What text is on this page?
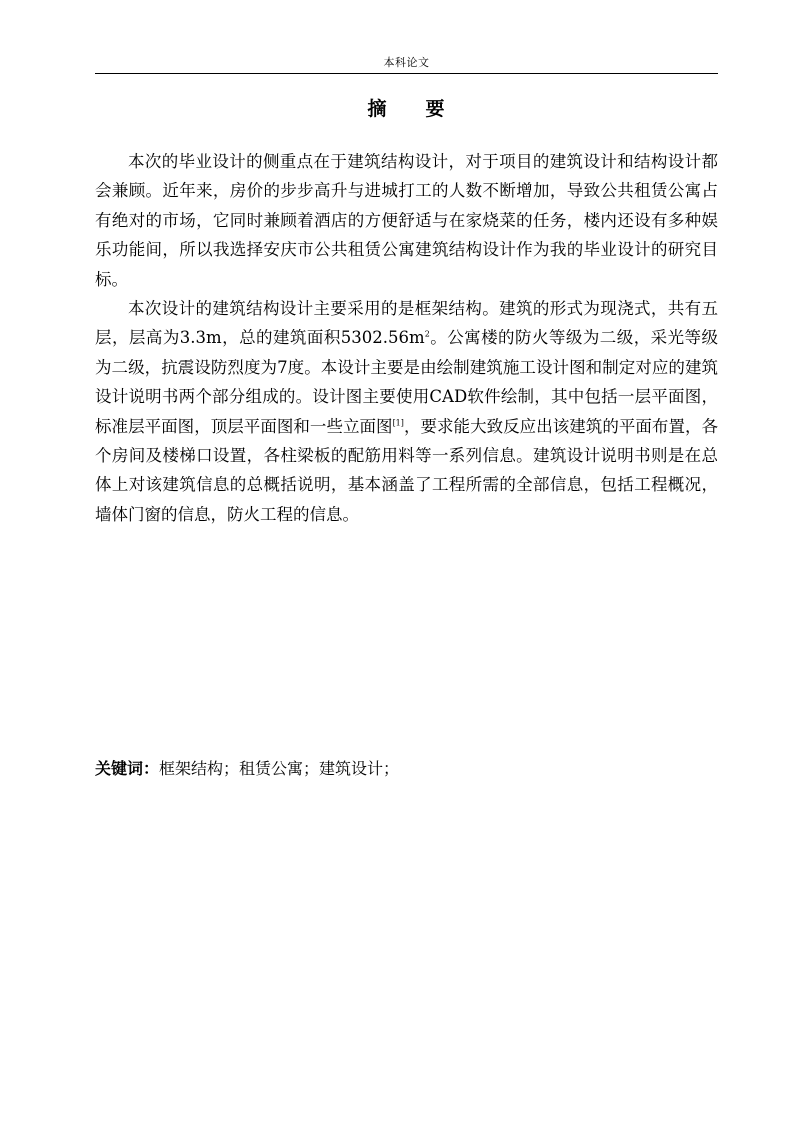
本科论文
摘 要

本次的毕业设计的侧重点在于建筑结构设计，对于项目的建筑设计和结构设计都会兼顾。近年来，房价的步步高升与进城打工的人数不断增加，导致公共租赁公寓占有绝对的市场，它同时兼顾着酒店的方便舒适与在家烧菜的任务，楼内还设有多种娱乐功能间，所以我选择安庆市公共租赁公寓建筑结构设计作为我的毕业设计的研究目标。

本次设计的建筑结构设计主要采用的是框架结构。建筑的形式为现浇式，共有五层，层高为3.3m，总的建筑面积$5302.56m^2$。公寓楼的防火等级为二级，采光等级为二级，抗震设防烈度为7度。本设计主要是由绘制建筑施工设计图和制定对应的建筑设计说明书两个部分组成的。设计图主要使用CAD软件绘制，其中包括一层平面图，标准层平面图，顶层平面图和一些立面图[1]，要求能大致反应出该建筑的平面布置，各个房间及楼梯口设置，各柱梁板的配筋用料等一系列信息。建筑设计说明书则是在总体上对该建筑信息的总概括说明，基本涵盖了工程所需的全部信息，包括工程概况，墙体门窗的信息，防火工程的信息。

关键词：框架结构；租赁公寓；建筑设计；
